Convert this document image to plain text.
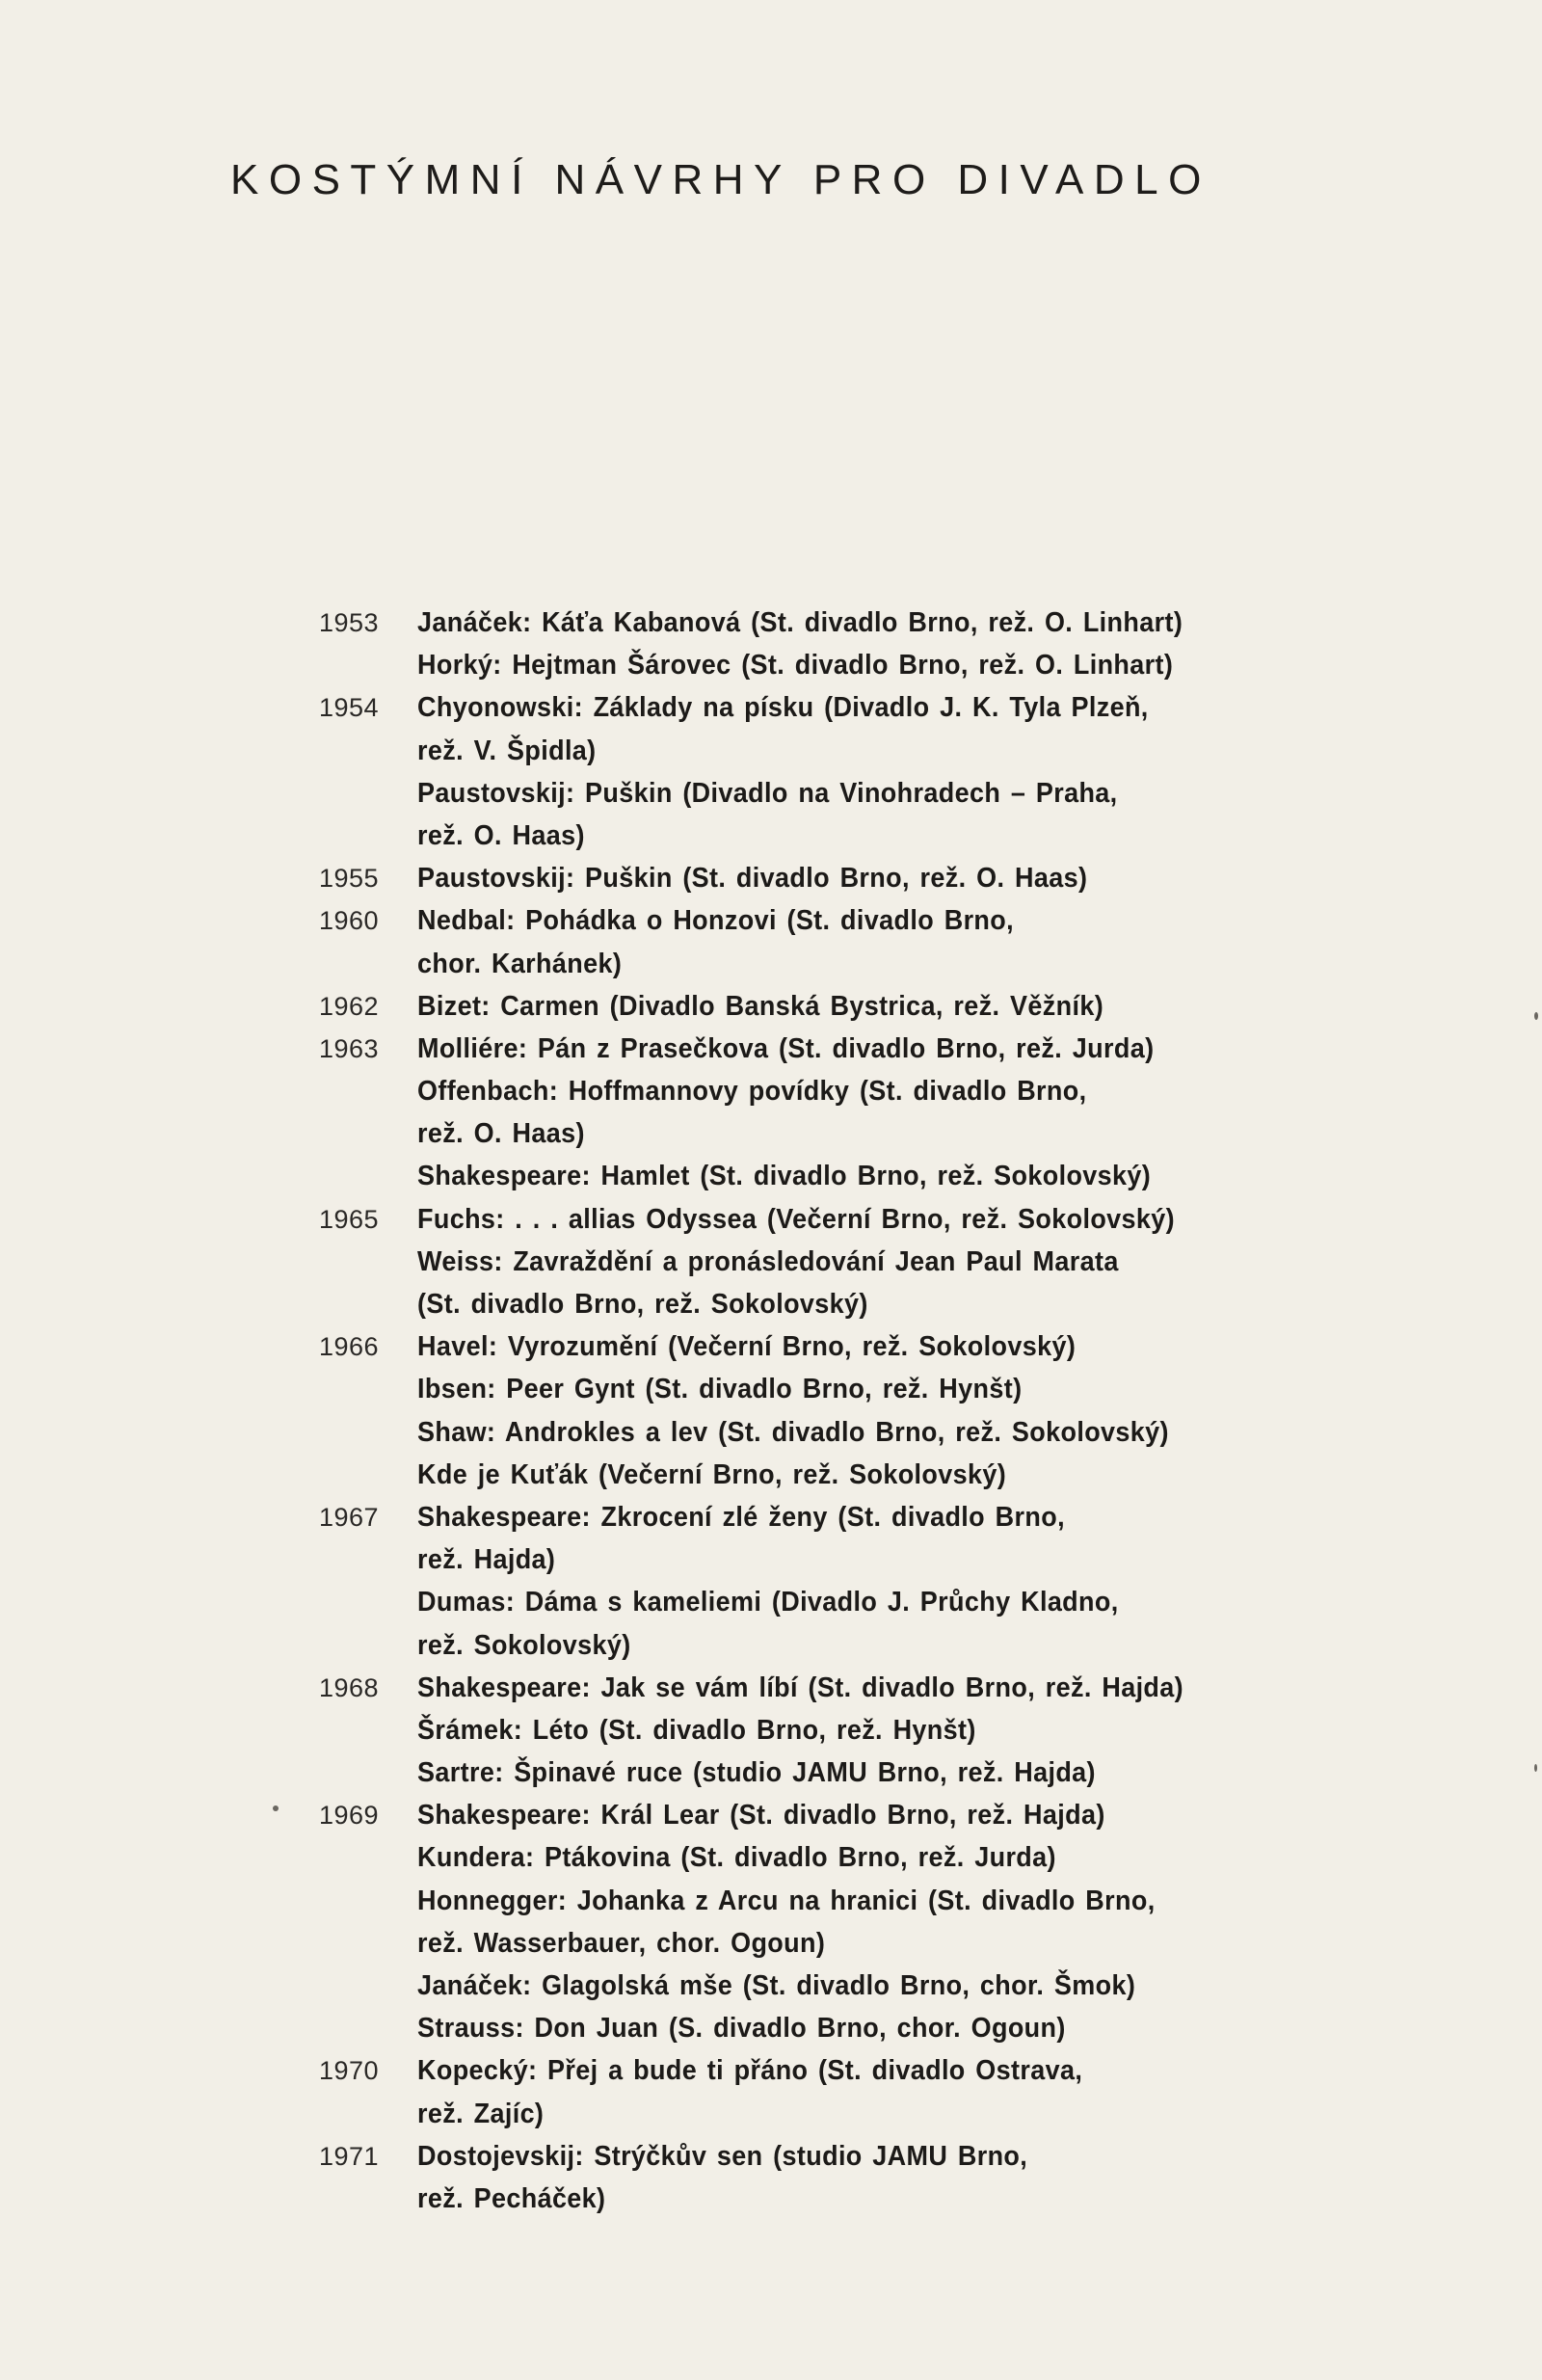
KOSTÝMNÍ NÁVRHY PRO DIVADLO
1953 Janáček: Káťa Kabanová (St. divadlo Brno, rež. O. Linhart)
Horký: Hejtman Šárovec (St. divadlo Brno, rež. O. Linhart)
1954 Chyonowski: Základy na písku (Divadlo J. K. Tyla Plzeň,
rež. V. Špidla)
Paustovskij: Puškin (Divadlo na Vinohradech – Praha,
rež. O. Haas)
1955 Paustovskij: Puškin (St. divadlo Brno, rež. O. Haas)
1960 Nedbal: Pohádka o Honzovi (St. divadlo Brno,
chor. Karhánek)
1962 Bizet: Carmen (Divadlo Banská Bystrica, rež. Věžník)
1963 Molliére: Pán z Prasečkova (St. divadlo Brno, rež. Jurda)
Offenbach: Hoffmannovy povídky (St. divadlo Brno,
rež. O. Haas)
Shakespeare: Hamlet (St. divadlo Brno, rež. Sokolovský)
1965 Fuchs: . . . allias Odyssea (Večerní Brno, rež. Sokolovský)
Weiss: Zavraždění a pronásledování Jean Paul Marata
(St. divadlo Brno, rež. Sokolovský)
1966 Havel: Vyrozumění (Večerní Brno, rež. Sokolovský)
Ibsen: Peer Gynt (St. divadlo Brno, rež. Hynšt)
Shaw: Androkles a lev (St. divadlo Brno, rež. Sokolovský)
Kde je Kuťák (Večerní Brno, rež. Sokolovský)
1967 Shakespeare: Zkrocení zlé ženy (St. divadlo Brno,
rež. Hajda)
Dumas: Dáma s kameliemi (Divadlo J. Průchy Kladno,
rež. Sokolovský)
1968 Shakespeare: Jak se vám líbí (St. divadlo Brno, rež. Hajda)
Šrámek: Léto (St. divadlo Brno, rež. Hynšt)
Sartre: Špinavé ruce (studio JAMU Brno, rež. Hajda)
1969 Shakespeare: Král Lear (St. divadlo Brno, rež. Hajda)
Kundera: Ptákovina (St. divadlo Brno, rež. Jurda)
Honnegger: Johanka z Arcu na hranici (St. divadlo Brno,
rež. Wasserbauer, chor. Ogoun)
Janáček: Glagolská mše (St. divadlo Brno, chor. Šmok)
Strauss: Don Juan (S. divadlo Brno, chor. Ogoun)
1970 Kopecký: Přej a bude ti přáno (St. divadlo Ostrava,
rež. Zajíc)
1971 Dostojevskij: Strýčkův sen (studio JAMU Brno,
rež. Pecháček)
